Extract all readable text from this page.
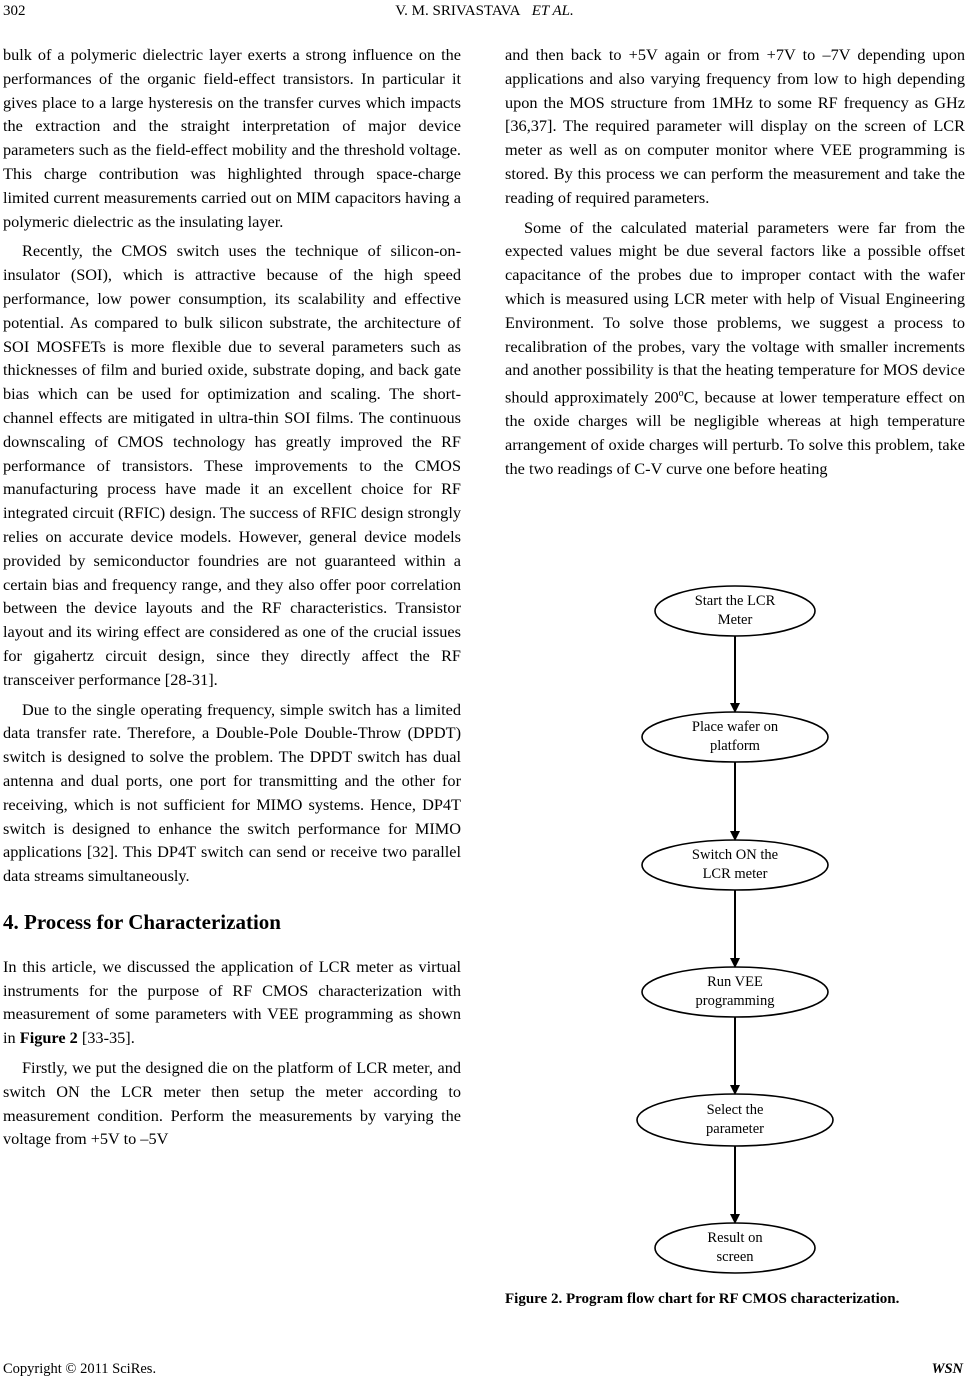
302	V. M. SRIVASTAVA ET AL.

bulk of a polymeric dielectric layer exerts a strong influence on the performances of the organic field-effect transistors. In particular it gives place to a large hysteresis on the transfer curves which impacts the extraction and the straight interpretation of major device parameters such as the field-effect mobility and the threshold voltage. This charge contribution was highlighted through space-charge limited current measurements carried out on MIM capacitors having a polymeric dielectric as the insulating layer.

Recently, the CMOS switch uses the technique of silicon-on-insulator (SOI), which is attractive because of the high speed performance, low power consumption, its scalability and effective potential. As compared to bulk silicon substrate, the architecture of SOI MOSFETs is more flexible due to several parameters such as thicknesses of film and buried oxide, substrate doping, and back gate bias which can be used for optimization and scaling. The short-channel effects are mitigated in ultra-thin SOI films. The continuous downscaling of CMOS technology has greatly improved the RF performance of transistors. These improvements to the CMOS manufacturing process have made it an excellent choice for RF integrated circuit (RFIC) design. The success of RFIC design strongly relies on accurate device models. However, general device models provided by semiconductor foundries are not guaranteed within a certain bias and frequency range, and they also offer poor correlation between the device layouts and the RF characteristics. Transistor layout and its wiring effect are considered as one of the crucial issues for gigahertz circuit design, since they directly affect the RF transceiver performance [28-31].

Due to the single operating frequency, simple switch has a limited data transfer rate. Therefore, a Double-Pole Double-Throw (DPDT) switch is designed to solve the problem. The DPDT switch has dual antenna and dual ports, one port for transmitting and the other for receiving, which is not sufficient for MIMO systems. Hence, DP4T switch is designed to enhance the switch performance for MIMO applications [32]. This DP4T switch can send or receive two parallel data streams simultaneously.

4. Process for Characterization

In this article, we discussed the application of LCR meter as virtual instruments for the purpose of RF CMOS characterization with measurement of some parameters with VEE programming as shown in Figure 2 [33-35].

Firstly, we put the designed die on the platform of LCR meter, and switch ON the LCR meter then setup the meter according to measurement condition. Perform the measurements by varying the voltage from +5V to –5V

and then back to +5V again or from +7V to –7V depending upon applications and also varying frequency from low to high depending upon the MOS structure from 1MHz to some RF frequency as GHz [36,37]. The required parameter will display on the screen of LCR meter as well as on computer monitor where VEE programming is stored. By this process we can perform the measurement and take the reading of required parameters.

Some of the calculated material parameters were far from the expected values might be due several factors like a possible offset capacitance of the probes due to improper contact with the wafer which is measured using LCR meter with help of Visual Engineering Environment. To solve those problems, we suggest a process to recalibration of the probes, vary the voltage with smaller increments and another possibility is that the heating temperature for MOS device should approximately 200$^o$C, because at lower temperature effect on the oxide charges will be negligible whereas at high temperature arrangement of oxide charges will perturb. To solve this problem, take the two readings of C-V curve one before heating

Start the LCR
Meter
Place wafer on
platform
Switch ON the
LCR meter
Run VEE
programming
Select the
parameter
Result on
screen
Figure 2. Program flow chart for RF CMOS characterization.
Copyright © 2011 SciRes.	WSN
